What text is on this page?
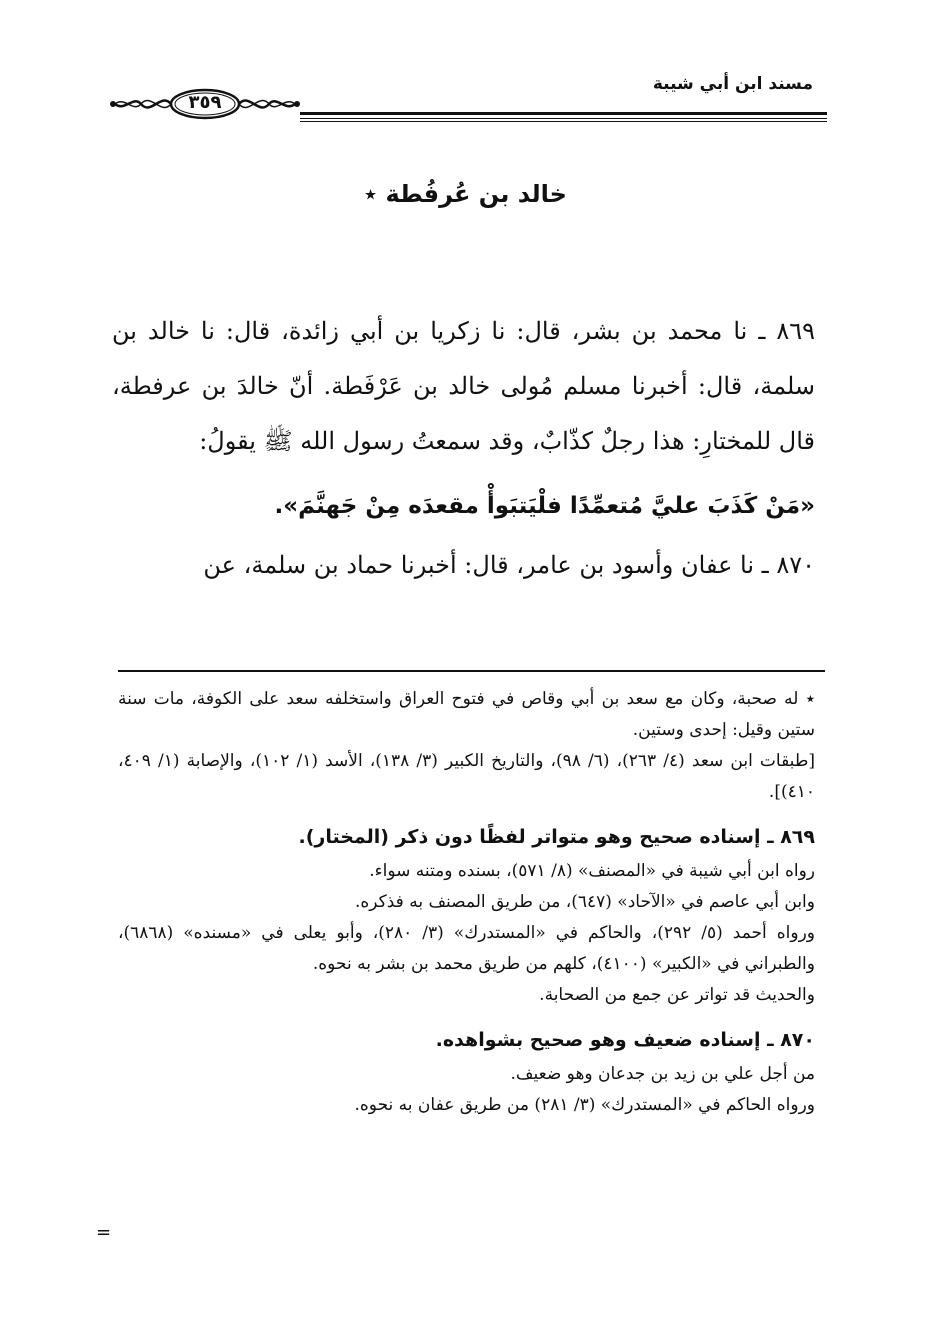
مسند ابن أبي شيبة
٣٥٩
خالد بن عُرفُطة ٭

٨٦٩ ـ نا محمد بن بشر، قال: نا زكريا بن أبي زائدة، قال: نا خالد بن سلمة، قال: أخبرنا مسلم مُولى خالد بن عَرْفَطة. أنّ خالدَ بن عرفطة، قال للمختارِ: هذا رجلٌ كذّابٌ، وقد سمعتُ رسول الله ﷺ يقولُ:

«مَنْ كَذَبَ عليَّ مُتعمِّدًا فلْيَتبَوأْ مقعدَه مِنْ جَهنَّمَ».

٨٧٠ ـ نا عفان وأسود بن عامر، قال: أخبرنا حماد بن سلمة، عن

٭ له صحبة، وكان مع سعد بن أبي وقاص في فتوح العراق واستخلفه سعد على الكوفة، مات سنة ستين وقيل: إحدى وستين.

[طبقات ابن سعد (٤/ ٢٦٣)، (٦/ ٩٨)، والتاريخ الكبير (٣/ ١٣٨)، الأسد (١/ ١٠٢)، والإصابة (١/ ٤٠٩، ٤١٠)].

٨٦٩ ـ إسناده صحيح وهو متواتر لفظًا دون ذكر (المختار).

رواه ابن أبي شيبة في «المصنف» (٨/ ٥٧١)، بسنده ومتنه سواء.

وابن أبي عاصم في «الآحاد» (٦٤٧)، من طريق المصنف به فذكره.

ورواه أحمد (٥/ ٢٩٢)، والحاكم في «المستدرك» (٣/ ٢٨٠)، وأبو يعلى في «مسنده» (٦٨٦٨)، والطبراني في «الكبير» (٤١٠٠)، كلهم من طريق محمد بن بشر به نحوه.

والحديث قد تواتر عن جمع من الصحابة.

٨٧٠ ـ إسناده ضعيف وهو صحيح بشواهده.

من أجل علي بن زيد بن جدعان وهو ضعيف.

ورواه الحاكم في «المستدرك» (٣/ ٢٨١) من طريق عفان به نحوه.

=
